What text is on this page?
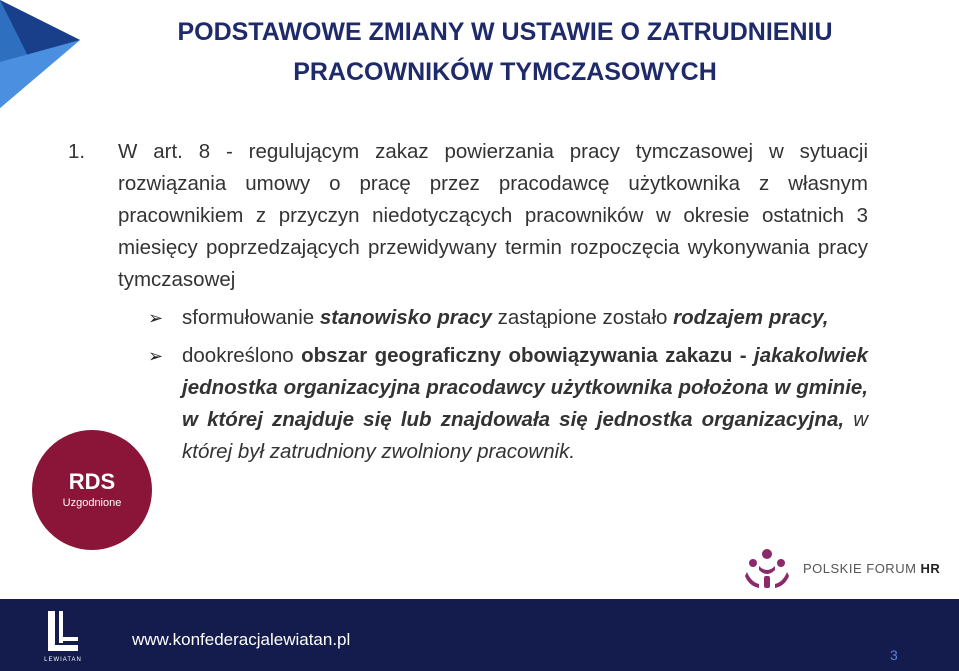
PODSTAWOWE ZMIANY W USTAWIE O ZATRUDNIENIU
PRACOWNIKÓW TYMCZASOWYCH
1.	W art. 8 - regulującym zakaz powierzania pracy tymczasowej w sytuacji rozwiązania umowy o pracę przez pracodawcę użytkownika z własnym pracownikiem z przyczyn niedotyczących pracowników w okresie ostatnich 3 miesięcy poprzedzających przewidywany termin rozpoczęcia wykonywania pracy tymczasowej
➢ sformułowanie stanowisko pracy zastąpione zostało rodzajem pracy,
➢ dookreślono obszar geograficzny obowiązywania zakazu - jakakolwiek jednostka organizacyjna pracodawcy użytkownika położona w gminie, w której znajduje się lub znajdowała się jednostka organizacyjna, w której był zatrudniony zwolniony pracownik.
RDS
Uzgodnione
POLSKIE FORUM HR
LEWIATAN
www.konfederacjalewiatan.pl
3
